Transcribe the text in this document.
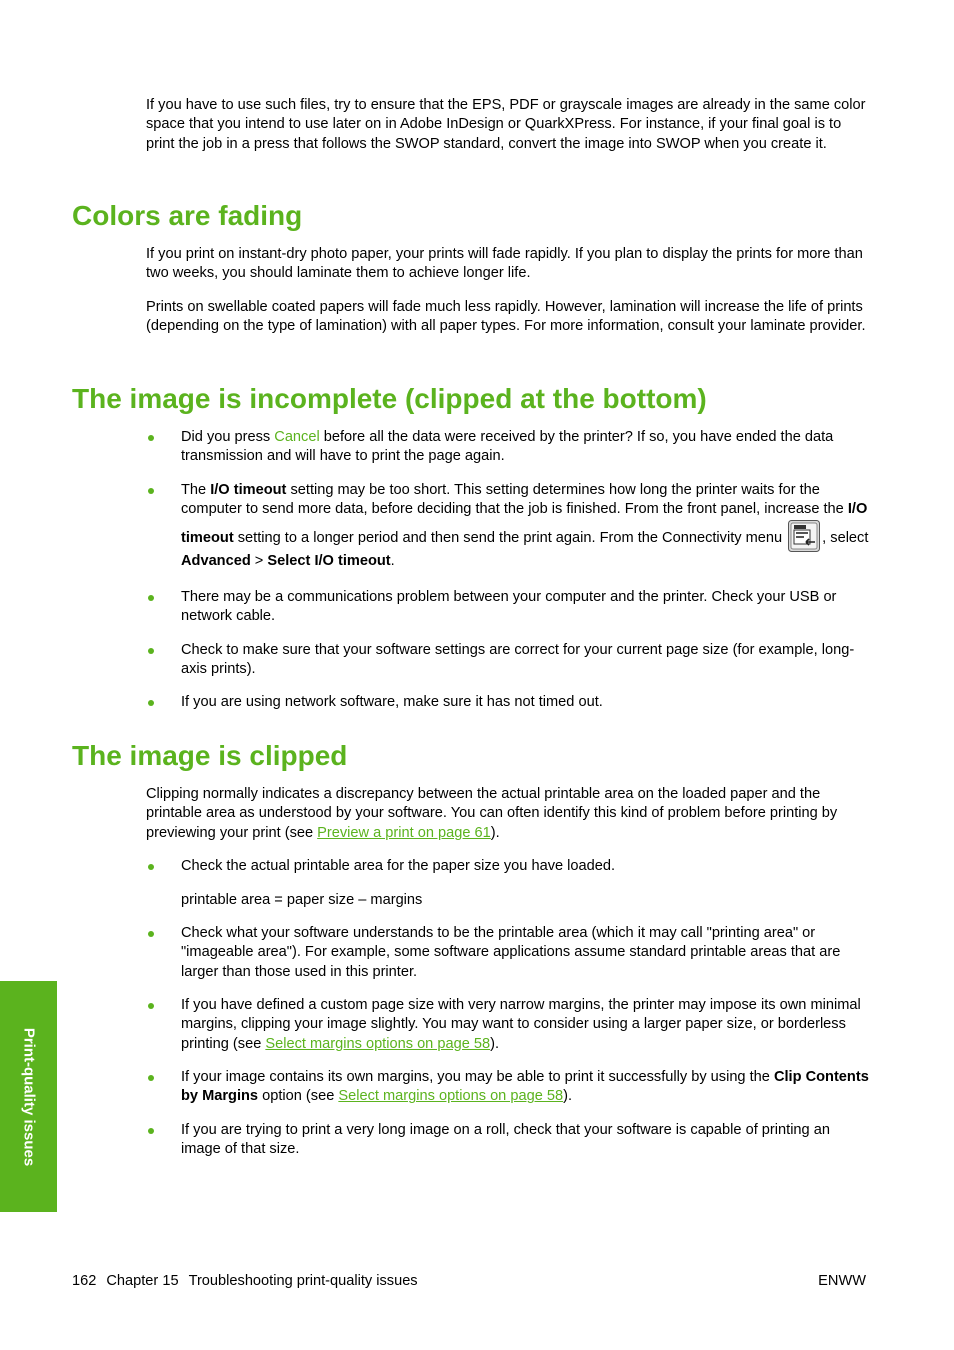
If you have to use such files, try to ensure that the EPS, PDF or grayscale images are already in the same color space that you intend to use later on in Adobe InDesign or QuarkXPress. For instance, if your final goal is to print the job in a press that follows the SWOP standard, convert the image into SWOP when you create it.

Colors are fading

If you print on instant-dry photo paper, your prints will fade rapidly. If you plan to display the prints for more than two weeks, you should laminate them to achieve longer life.

Prints on swellable coated papers will fade much less rapidly. However, lamination will increase the life of prints (depending on the type of lamination) with all paper types. For more information, consult your laminate provider.

The image is incomplete (clipped at the bottom)

Did you press Cancel before all the data were received by the printer? If so, you have ended the data transmission and will have to print the page again.

The I/O timeout setting may be too short. This setting determines how long the printer waits for the computer to send more data, before deciding that the job is finished. From the front panel, increase the I/O timeout setting to a longer period and then send the print again. From the Connectivity menu , select Advanced > Select I/O timeout.

There may be a communications problem between your computer and the printer. Check your USB or network cable.

Check to make sure that your software settings are correct for your current page size (for example, long-axis prints).

If you are using network software, make sure it has not timed out.

The image is clipped

Clipping normally indicates a discrepancy between the actual printable area on the loaded paper and the printable area as understood by your software. You can often identify this kind of problem before printing by previewing your print (see Preview a print on page 61).

Check the actual printable area for the paper size you have loaded.

printable area = paper size – margins

Check what your software understands to be the printable area (which it may call "printing area" or "imageable area"). For example, some software applications assume standard printable areas that are larger than those used in this printer.

If you have defined a custom page size with very narrow margins, the printer may impose its own minimal margins, clipping your image slightly. You may want to consider using a larger paper size, or borderless printing (see Select margins options on page 58).

If your image contains its own margins, you may be able to print it successfully by using the Clip Contents by Margins option (see Select margins options on page 58).

If you are trying to print a very long image on a roll, check that your software is capable of printing an image of that size.

Print-quality issues
162 Chapter 15 Troubleshooting print-quality issues	ENWW
